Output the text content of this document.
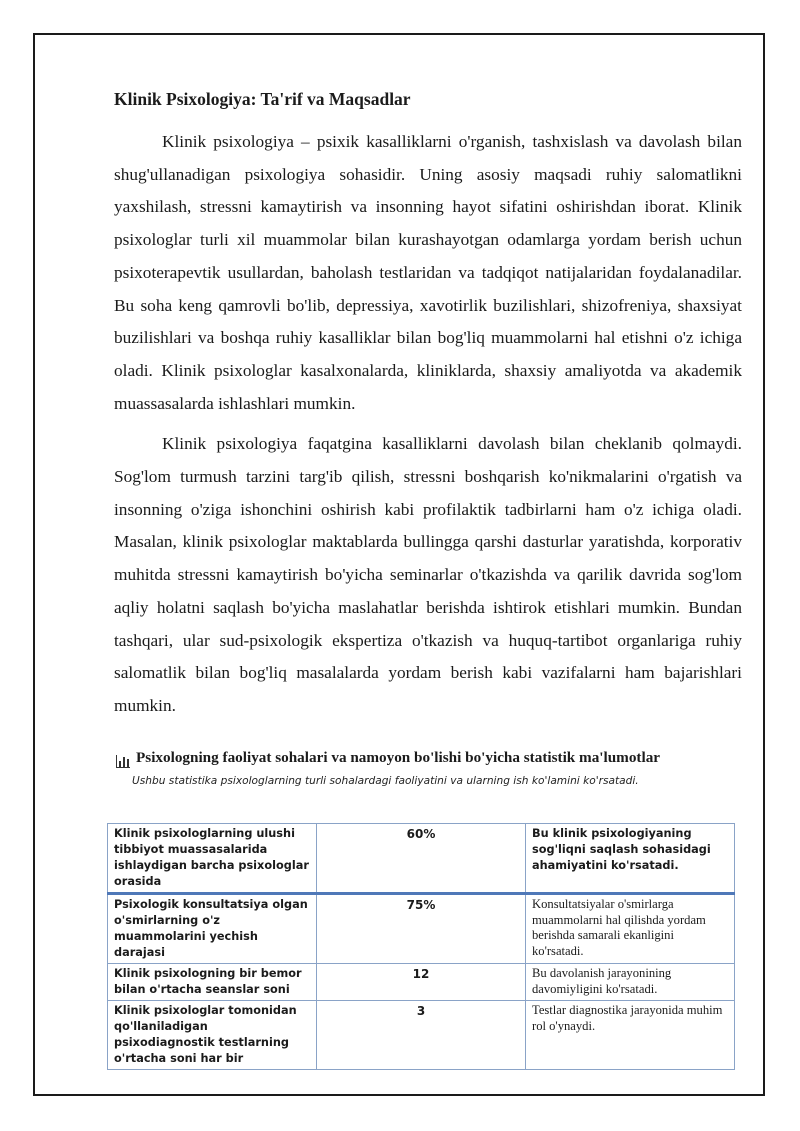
Klinik Psixologiya: Ta'rif va Maqsadlar

Klinik psixologiya – psixik kasalliklarni o'rganish, tashxislash va davolash bilan shug'ullanadigan psixologiya sohasidir. Uning asosiy maqsadi ruhiy salomatlikni yaxshilash, stressni kamaytirish va insonning hayot sifatini oshirishdan iborat. Klinik psixologlar turli xil muammolar bilan kurashayotgan odamlarga yordam berish uchun psixoterapevtik usullardan, baholash testlaridan va tadqiqot natijalaridan foydalanadilar. Bu soha keng qamrovli bo'lib, depressiya, xavotirlik buzilishlari, shizofreniya, shaxsiyat buzilishlari va boshqa ruhiy kasalliklar bilan bog'liq muammolarni hal etishni o'z ichiga oladi. Klinik psixologlar kasalxonalarda, kliniklarda, shaxsiy amaliyotda va akademik muassasalarda ishlashlari mumkin.

Klinik psixologiya faqatgina kasalliklarni davolash bilan cheklanib qolmaydi. Sog'lom turmush tarzini targ'ib qilish, stressni boshqarish ko'nikmalarini o'rgatish va insonning o'ziga ishonchini oshirish kabi profilaktik tadbirlarni ham o'z ichiga oladi. Masalan, klinik psixologlar maktablarda bullingga qarshi dasturlar yaratishda, korporativ muhitda stressni kamaytirish bo'yicha seminarlar o'tkazishda va qarilik davrida sog'lom aqliy holatni saqlash bo'yicha maslahatlar berishda ishtirok etishlari mumkin. Bundan tashqari, ular sud-psixologik ekspertiza o'tkazish va huquq-tartibot organlariga ruhiy salomatlik bilan bog'liq masalalarda yordam berish kabi vazifalarni ham bajarishlari mumkin.

Psixologning faoliyat sohalari va namoyon bo'lishi bo'yicha statistik ma'lumotlar
Ushbu statistika psixologlarning turli sohalardagi faoliyatini va ularning ish ko'lamini ko'rsatadi.
Klinik psixologlarning ulushi tibbiyot muassasalarida ishlaydigan barcha psixologlar orasida	60%	Bu klinik psixologiyaning sog'liqni saqlash sohasidagi ahamiyatini ko'rsatadi.
Psixologik konsultatsiya olgan o'smirlarning o'z muammolarini yechish darajasi	75%	Konsultatsiyalar o'smirlarga muammolarni hal qilishda yordam berishda samarali ekanligini ko'rsatadi.
Klinik psixologning bir bemor bilan o'rtacha seanslar soni	12	Bu davolanish jarayonining davomiyligini ko'rsatadi.
Klinik psixologlar tomonidan qo'llaniladigan psixodiagnostik testlarning o'rtacha soni har bir	3	Testlar diagnostika jarayonida muhim rol o'ynaydi.
